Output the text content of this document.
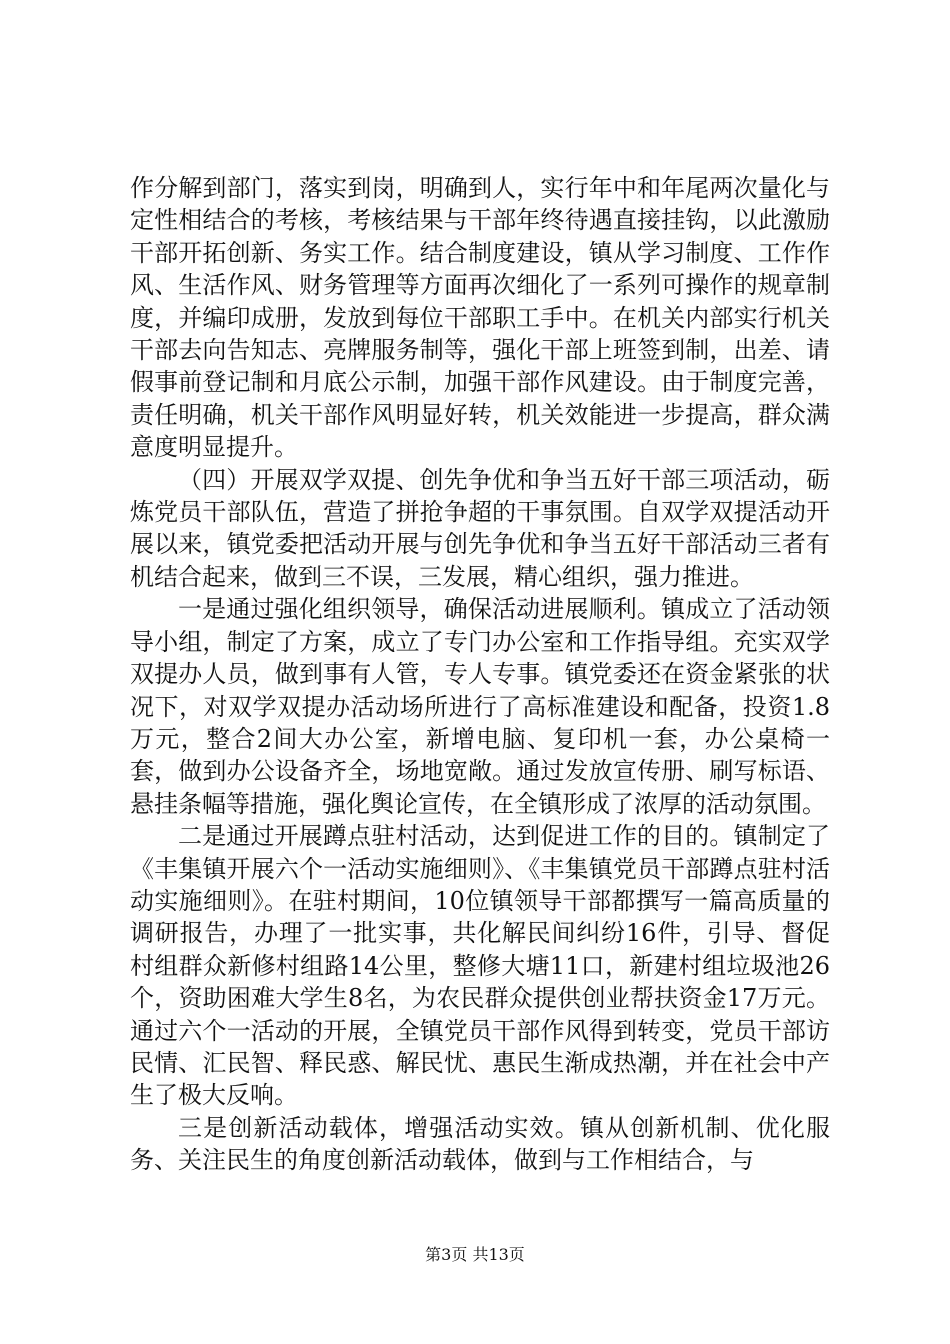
作分解到部门，落实到岗，明确到人，实行年中和年尾两次量化与定性相结合的考核，考核结果与干部年终待遇直接挂钩，以此激励干部开拓创新、务实工作。结合制度建设，镇从学习制度、工作作风、生活作风、财务管理等方面再次细化了一系列可操作的规章制度，并编印成册，发放到每位干部职工手中。在机关内部实行机关干部去向告知志、亮牌服务制等，强化干部上班签到制，出差、请假事前登记制和月底公示制，加强干部作风建设。由于制度完善，责任明确，机关干部作风明显好转，机关效能进一步提高，群众满意度明显提升。

（四）开展双学双提、创先争优和争当五好干部三项活动，砺炼党员干部队伍，营造了拼抢争超的干事氛围。自双学双提活动开展以来，镇党委把活动开展与创先争优和争当五好干部活动三者有机结合起来，做到三不误，三发展，精心组织，强力推进。

一是通过强化组织领导，确保活动进展顺利。镇成立了活动领导小组，制定了方案，成立了专门办公室和工作指导组。充实双学双提办人员，做到事有人管，专人专事。镇党委还在资金紧张的状况下，对双学双提办活动场所进行了高标准建设和配备，投资1.8万元，整合2间大办公室，新增电脑、复印机一套，办公桌椅一套，做到办公设备齐全，场地宽敞。通过发放宣传册、刷写标语、悬挂条幅等措施，强化舆论宣传，在全镇形成了浓厚的活动氛围。

二是通过开展蹲点驻村活动，达到促进工作的目的。镇制定了《丰集镇开展六个一活动实施细则》、《丰集镇党员干部蹲点驻村活动实施细则》。在驻村期间，10位镇领导干部都撰写一篇高质量的调研报告，办理了一批实事，共化解民间纠纷16件，引导、督促村组群众新修村组路14公里，整修大塘11口，新建村组垃圾池26个，资助困难大学生8名，为农民群众提供创业帮扶资金17万元。通过六个一活动的开展，全镇党员干部作风得到转变，党员干部访民情、汇民智、释民惑、解民忧、惠民生渐成热潮，并在社会中产生了极大反响。

三是创新活动载体，增强活动实效。镇从创新机制、优化服务、关注民生的角度创新活动载体，做到与工作相结合，与

第3页 共13页
